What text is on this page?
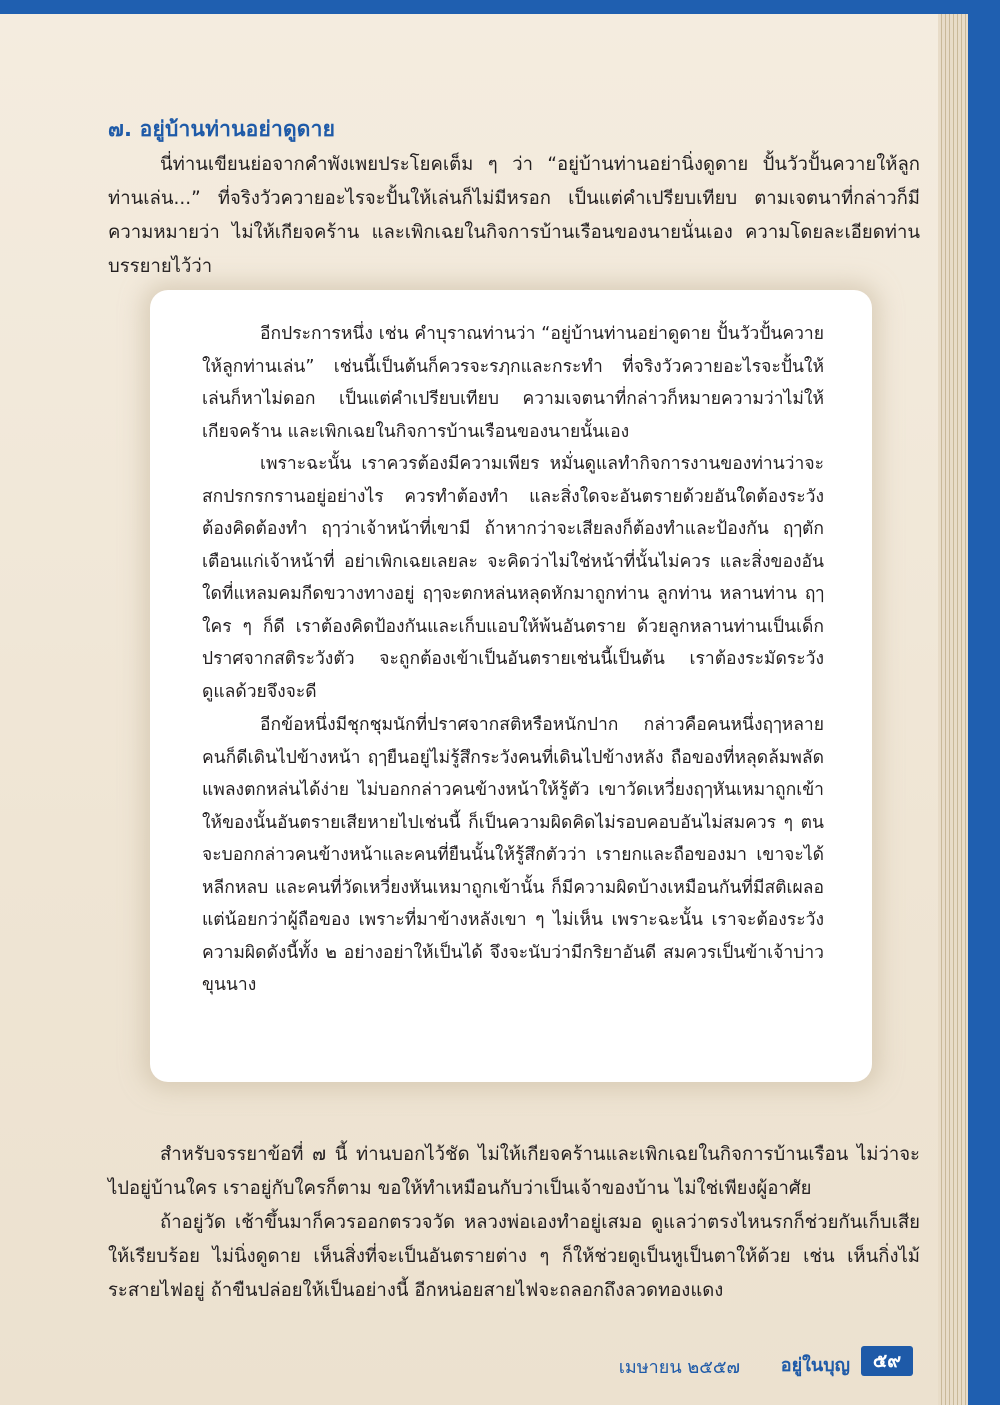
๗. อยู่บ้านท่านอย่าดูดาย

นี่ท่านเขียนย่อจากคำพังเพยประโยคเต็ม ๆ ว่า “อยู่บ้านท่านอย่านิ่งดูดาย ปั้นวัวปั้นควายให้ลูกท่านเล่น...” ที่จริงวัวควายอะไรจะปั้นให้เล่นก็ไม่มีหรอก เป็นแต่คำเปรียบเทียบ ตามเจตนาที่กล่าวก็มีความหมายว่า ไม่ให้เกียจคร้าน และเพิกเฉยในกิจการบ้านเรือนของนายนั่นเอง ความโดยละเอียดท่านบรรยายไว้ว่า

อีกประการหนึ่ง เช่น คำบุราณท่านว่า “อยู่บ้านท่านอย่าดูดาย ปั้นวัวปั้นควายให้ลูกท่านเล่น” เช่นนี้เป็นต้นก็ควรจะรฦกและกระทำ ที่จริงวัวควายอะไรจะปั้นให้เล่นก็หาไม่ดอก เป็นแต่คำเปรียบเทียบ ความเจตนาที่กล่าวก็หมายความว่าไม่ให้เกียจคร้าน และเพิกเฉยในกิจการบ้านเรือนของนายนั้นเอง

เพราะฉะนั้น เราควรต้องมีความเพียร หมั่นดูแลทำกิจการงานของท่านว่าจะสกปรกรกรานอยู่อย่างไร ควรทำต้องทำ และสิ่งใดจะอันตรายด้วยอันใดต้องระวังต้องคิดต้องทำ ฤๅว่าเจ้าหน้าที่เขามี ถ้าหากว่าจะเสียลงก็ต้องทำและป้องกัน ฤๅตักเตือนแก่เจ้าหน้าที่ อย่าเพิกเฉยเลยละ จะคิดว่าไม่ใช่หน้าที่นั้นไม่ควร และสิ่งของอันใดที่แหลมคมกีดขวางทางอยู่ ฤๅจะตกหล่นหลุดหักมาถูกท่าน ลูกท่าน หลานท่าน ฤๅใคร ๆ ก็ดี เราต้องคิดป้องกันและเก็บแอบให้พ้นอันตราย ด้วยลูกหลานท่านเป็นเด็ก ปราศจากสติระวังตัว จะถูกต้องเข้าเป็นอันตรายเช่นนี้เป็นต้น เราต้องระมัดระวัง ดูแลด้วยจึงจะดี

อีกข้อหนึ่งมีชุกชุมนักที่ปราศจากสติหรือหนักปาก กล่าวคือคนหนึ่งฤๅหลายคนก็ดีเดินไปข้างหน้า ฤๅยืนอยู่ไม่รู้สึกระวังคนที่เดินไปข้างหลัง ถือของที่หลุดล้มพลัดแพลงตกหล่นได้ง่าย ไม่บอกกล่าวคนข้างหน้าให้รู้ตัว เขาวัดเหวี่ยงฤๅหันเหมาถูกเข้าให้ของนั้นอันตรายเสียหายไปเช่นนี้ ก็เป็นความผิดคิดไม่รอบคอบอันไม่สมควร ๆ ตนจะบอกกล่าวคนข้างหน้าและคนที่ยืนนั้นให้รู้สึกตัวว่า เรายกและถือของมา เขาจะได้หลีกหลบ และคนที่วัดเหวี่ยงหันเหมาถูกเข้านั้น ก็มีความผิดบ้างเหมือนกันที่มีสติเผลอ แต่น้อยกว่าผู้ถือของ เพราะที่มาข้างหลังเขา ๆ ไม่เห็น เพราะฉะนั้น เราจะต้องระวังความผิดดังนี้ทั้ง ๒ อย่างอย่าให้เป็นได้ จึงจะนับว่ามีกริยาอันดี สมควรเป็นข้าเจ้าบ่าวขุนนาง

สำหรับจรรยาข้อที่ ๗ นี้ ท่านบอกไว้ชัด ไม่ให้เกียจคร้านและเพิกเฉยในกิจการบ้านเรือน ไม่ว่าจะไปอยู่บ้านใคร เราอยู่กับใครก็ตาม ขอให้ทำเหมือนกับว่าเป็นเจ้าของบ้าน ไม่ใช่เพียงผู้อาศัย

ถ้าอยู่วัด เช้าขึ้นมาก็ควรออกตรวจวัด หลวงพ่อเองทำอยู่เสมอ ดูแลว่าตรงไหนรกก็ช่วยกันเก็บเสียให้เรียบร้อย ไม่นิ่งดูดาย เห็นสิ่งที่จะเป็นอันตรายต่าง ๆ ก็ให้ช่วยดูเป็นหูเป็นตาให้ด้วย เช่น เห็นกิ่งไม้ระสายไฟอยู่ ถ้าขืนปล่อยให้เป็นอย่างนี้ อีกหน่อยสายไฟจะถลอกถึงลวดทองแดง

เมษายน ๒๕๕๗ อยู่ในบุญ	๕๙
